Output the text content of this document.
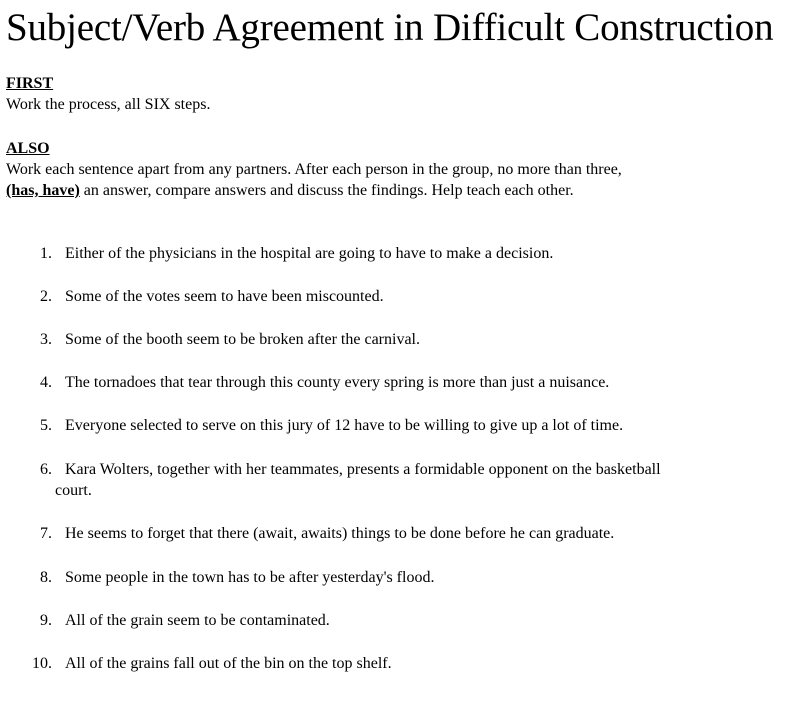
Subject/Verb Agreement in Difficult Construction
FIRST
Work the process, all SIX steps.
ALSO
Work each sentence apart from any partners. After each person in the group, no more than three,
(has, have) an answer, compare answers and discuss the findings. Help teach each other.
1. Either of the physicians in the hospital are going to have to make a decision.
2. Some of the votes seem to have been miscounted.
3. Some of the booth seem to be broken after the carnival.
4. The tornadoes that tear through this county every spring is more than just a nuisance.
5. Everyone selected to serve on this jury of 12 have to be willing to give up a lot of time.
6. Kara Wolters, together with her teammates, presents a formidable opponent on the basketball
court.
7. He seems to forget that there (await, awaits) things to be done before he can graduate.
8. Some people in the town has to be after yesterday's flood.
9. All of the grain seem to be contaminated.
10. All of the grains fall out of the bin on the top shelf.
